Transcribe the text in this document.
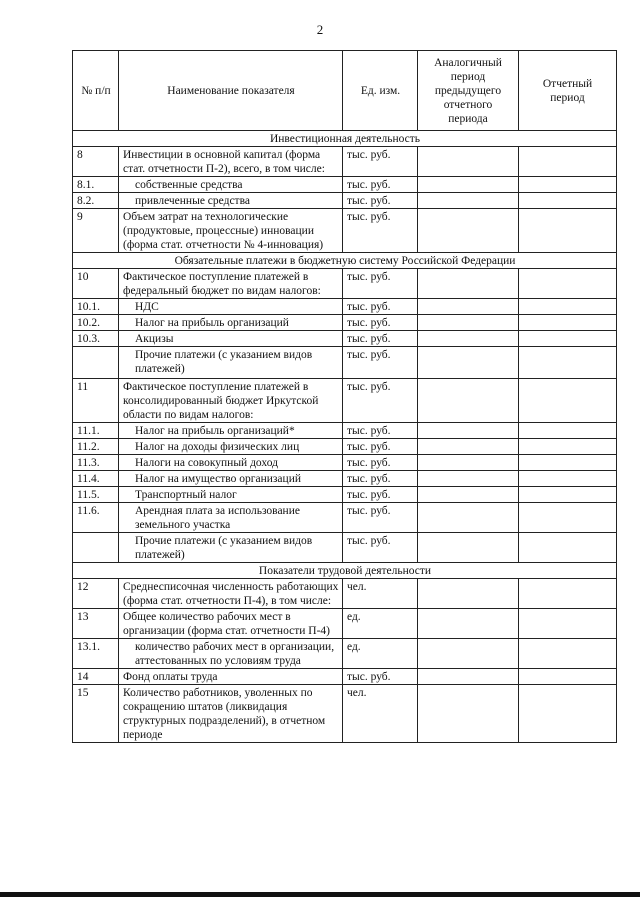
2
№ п/п	Наименование показателя	Ед. изм.	Аналогичный период предыдущего отчетного периода	Отчетный период
Инвестиционная деятельность				
8	Инвестиции в основной капитал (форма стат. отчетности П-2), всего, в том числе:	тыс. руб.		
8.1.	собственные средства	тыс. руб.		
8.2.	привлеченные средства	тыс. руб.		
9	Объем затрат на технологические (продуктовые, процессные) инновации (форма стат. отчетности № 4-инновация)	тыс. руб.		
Обязательные платежи в бюджетную систему Российской Федерации				
10	Фактическое поступление платежей в федеральный бюджет по видам налогов:	тыс. руб.		
10.1.	НДС	тыс. руб.		
10.2.	Налог на прибыль организаций	тыс. руб.		
10.3.	Акцизы	тыс. руб.		
	Прочие платежи (с указанием видов платежей)	тыс. руб.		
11	Фактическое поступление платежей в консолидированный бюджет Иркутской области по видам налогов:	тыс. руб.		
11.1.	Налог на прибыль организаций*	тыс. руб.		
11.2.	Налог на доходы физических лиц	тыс. руб.		
11.3.	Налоги на совокупный доход	тыс. руб.		
11.4.	Налог на имущество организаций	тыс. руб.		
11.5.	Транспортный налог	тыс. руб.		
11.6.	Арендная плата за использование земельного участка	тыс. руб.		
	Прочие платежи (с указанием видов платежей)	тыс. руб.		
Показатели трудовой деятельности				
12	Среднесписочная численность работающих (форма стат. отчетности П-4), в том числе:	чел.		
13	Общее количество рабочих мест в организации (форма стат. отчетности П-4)	ед.		
13.1.	количество рабочих мест в организации, аттестованных по условиям труда	ед.		
14	Фонд оплаты труда	тыс. руб.		
15	Количество работников, уволенных по сокращению штатов (ликвидация структурных подразделений), в отчетном периоде	чел.		
